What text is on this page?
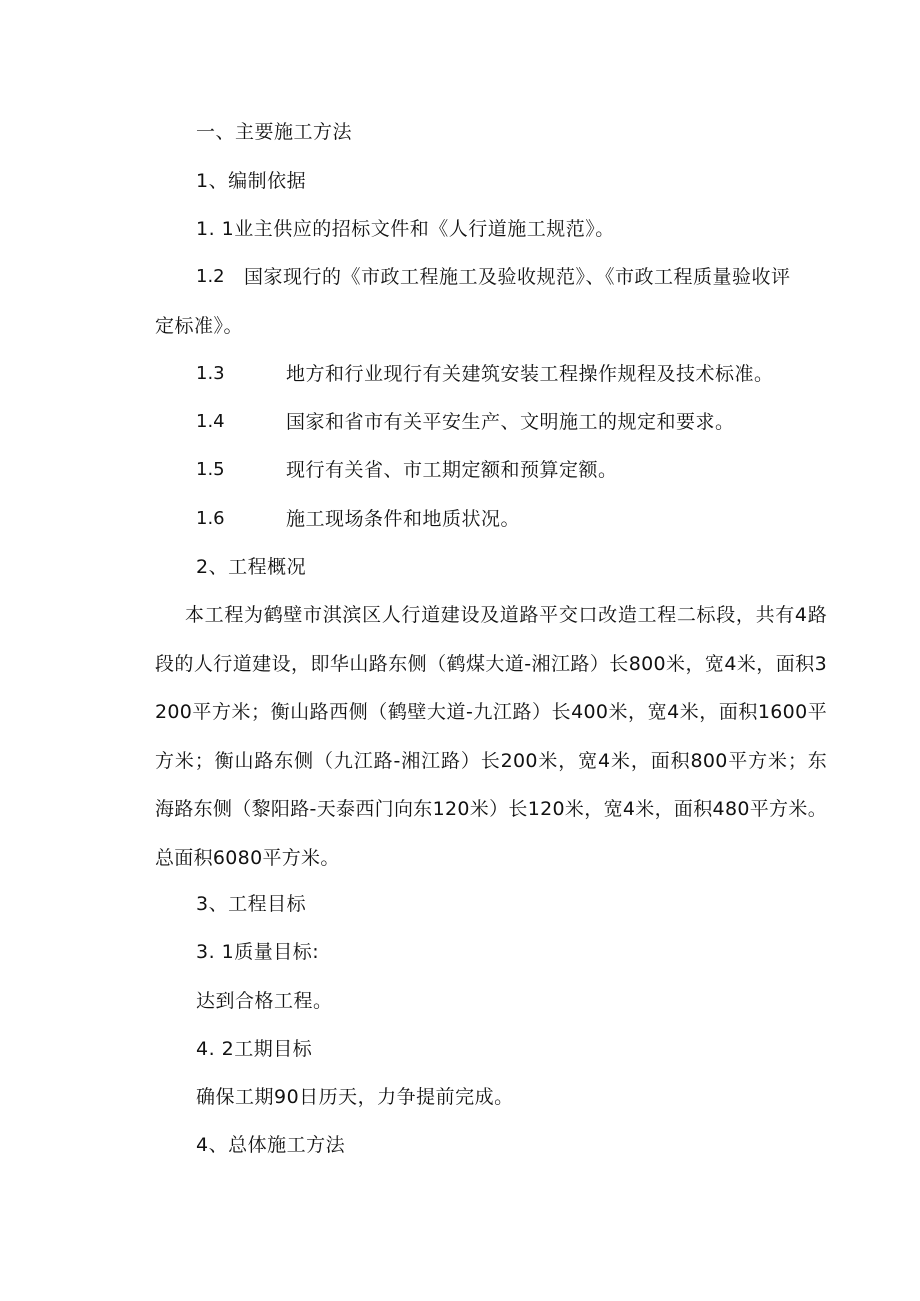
一、主要施工方法
1、编制依据
1. 1业主供应的招标文件和《人行道施工规范》。
1.2 国家现行的《市政工程施工及验收规范》、《市政工程质量验收评
定标准》。
1.3	地方和行业现行有关建筑安装工程操作规程及技术标准。
1.4	国家和省市有关平安生产、文明施工的规定和要求。
1.5	现行有关省、市工期定额和预算定额。
1.6	施工现场条件和地质状况。
2、工程概况
本工程为鹤壁市淇滨区人行道建设及道路平交口改造工程二标段，共有4路段的人行道建设，即华山路东侧（鹤煤大道-湘江路）长800米，宽4米，面积3200平方米；衡山路西侧（鹤壁大道-九江路）长400米，宽4米，面积1600平方米；衡山路东侧（九江路-湘江路）长200米，宽4米，面积800平方米；东海路东侧（黎阳路-天泰西门向东120米）长120米，宽4米，面积480平方米。总面积6080平方米。
3、工程目标
3. 1质量目标:
达到合格工程。
4. 2工期目标
确保工期90日历天，力争提前完成。
4、总体施工方法
